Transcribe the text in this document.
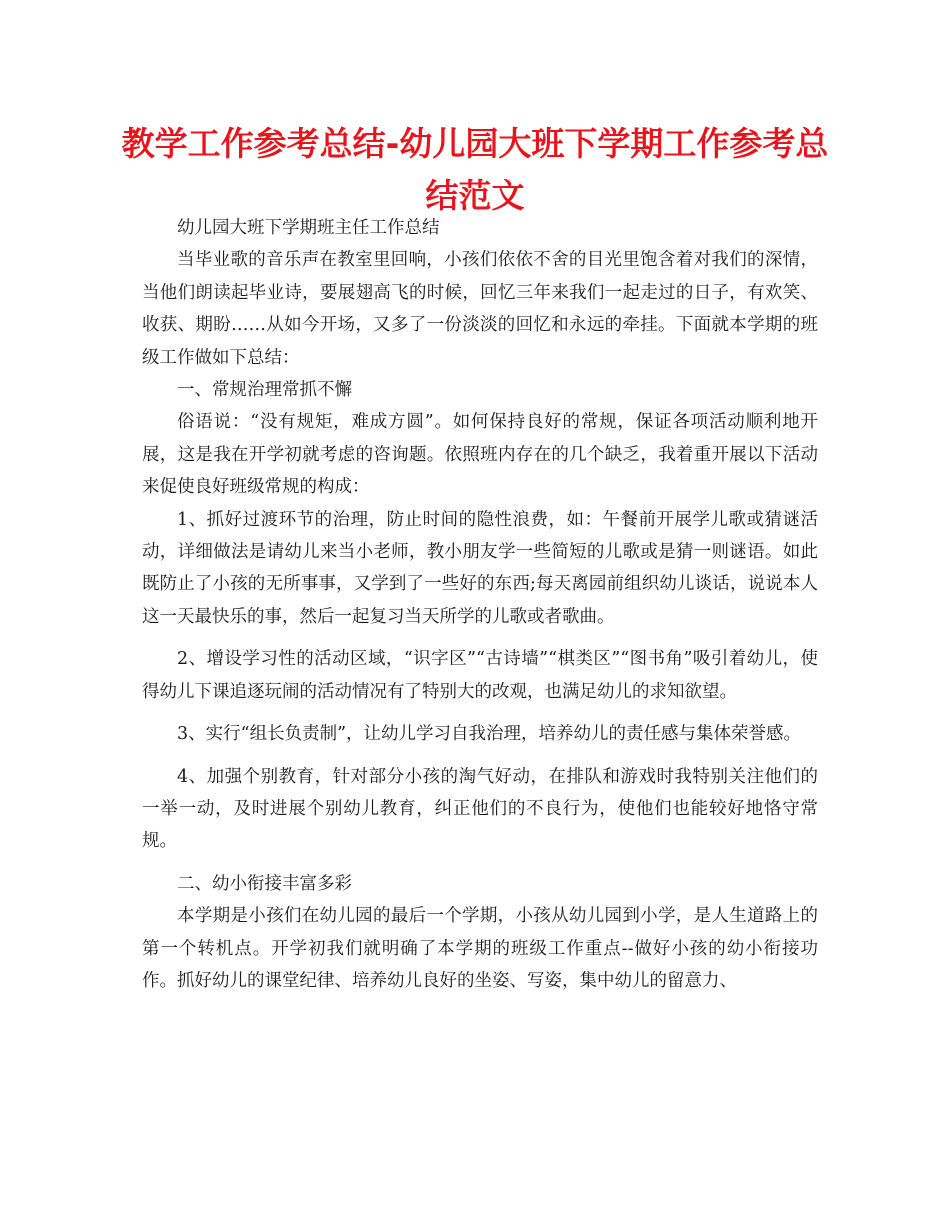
教学工作参考总结-幼儿园大班下学期工作参考总结范文

幼儿园大班下学期班主任工作总结

当毕业歌的音乐声在教室里回响，小孩们依依不舍的目光里饱含着对我们的深情，当他们朗读起毕业诗，要展翅高飞的时候，回忆三年来我们一起走过的日子，有欢笑、收获、期盼……从如今开场，又多了一份淡淡的回忆和永远的牵挂。下面就本学期的班级工作做如下总结：

一、常规治理常抓不懈

俗语说：“没有规矩，难成方圆”。如何保持良好的常规，保证各项活动顺利地开展，这是我在开学初就考虑的咨询题。依照班内存在的几个缺乏，我着重开展以下活动来促使良好班级常规的构成：

1、抓好过渡环节的治理，防止时间的隐性浪费，如：午餐前开展学儿歌或猜谜活动，详细做法是请幼儿来当小老师，教小朋友学一些简短的儿歌或是猜一则谜语。如此既防止了小孩的无所事事，又学到了一些好的东西;每天离园前组织幼儿谈话，说说本人这一天最快乐的事，然后一起复习当天所学的儿歌或者歌曲。

2、增设学习性的活动区域，“识字区”“古诗墙”“棋类区”“图书角”吸引着幼儿，使得幼儿下课追逐玩闹的活动情况有了特别大的改观，也满足幼儿的求知欲望。

3、实行“组长负责制”，让幼儿学习自我治理，培养幼儿的责任感与集体荣誉感。

4、加强个别教育，针对部分小孩的淘气好动，在排队和游戏时我特别关注他们的一举一动，及时进展个别幼儿教育，纠正他们的不良行为，使他们也能较好地恪守常规。

二、幼小衔接丰富多彩

本学期是小孩们在幼儿园的最后一个学期，小孩从幼儿园到小学，是人生道路上的第一个转机点。开学初我们就明确了本学期的班级工作重点--做好小孩的幼小衔接功作。抓好幼儿的课堂纪律、培养幼儿良好的坐姿、写姿，集中幼儿的留意力、
